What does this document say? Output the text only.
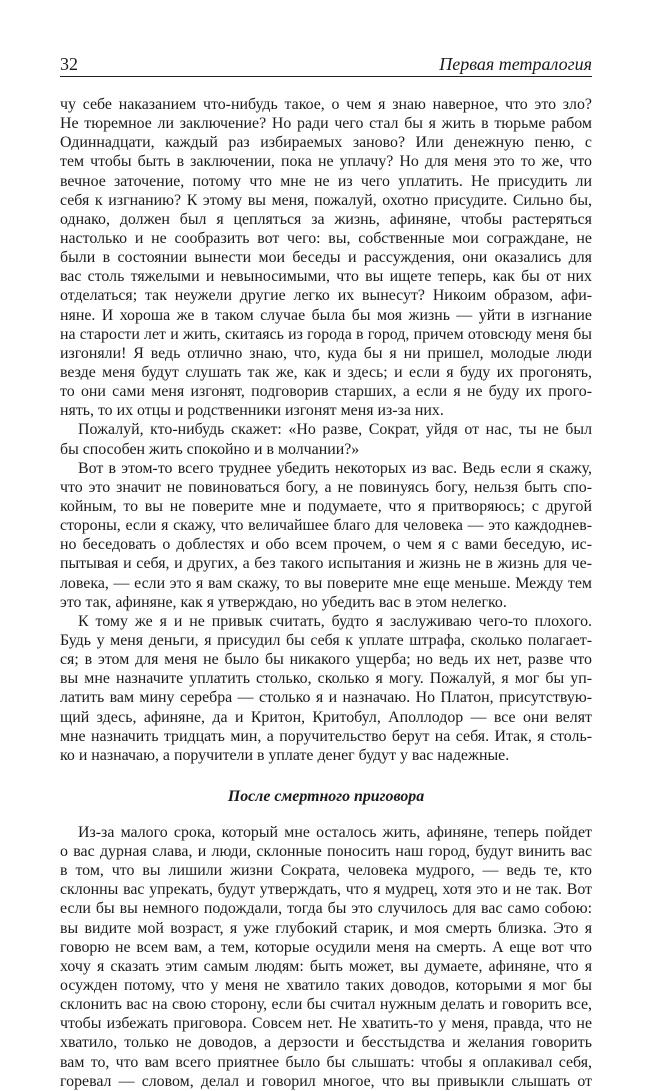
32	Первая тетралогия
чу себе наказанием что-нибудь такое, о чем я знаю наверное, что это зло?
Не тюремное ли заключение? Но ради чего стал бы я жить в тюрьме рабом
Одиннадцати, каждый раз избираемых заново? Или денежную пеню, с
тем чтобы быть в заключении, пока не уплачу? Но для меня это то же, что
вечное заточение, потому что мне не из чего уплатить. Не присудить ли
себя к изгнанию? К этому вы меня, пожалуй, охотно присудите. Сильно бы,
однако, должен был я цепляться за жизнь, афиняне, чтобы растеряться
настолько и не сообразить вот чего: вы, собственные мои сограждане, не
были в состоянии вынести мои беседы и рассуждения, они оказались для
вас столь тяжелыми и невыносимыми, что вы ищете теперь, как бы от них
отделаться; так неужели другие легко их вынесут? Никоим образом, афи-
няне. И хороша же в таком случае была бы моя жизнь — уйти в изгнание
на старости лет и жить, скитаясь из города в город, причем отовсюду меня бы
изгоняли! Я ведь отлично знаю, что, куда бы я ни пришел, молодые люди
везде меня будут слушать так же, как и здесь; и если я буду их прогонять,
то они сами меня изгонят, подговорив старших, а если я не буду их прого-
нять, то их отцы и родственники изгонят меня из-за них.
Пожалуй, кто-нибудь скажет: «Но разве, Сократ, уйдя от нас, ты не был
бы способен жить спокойно и в молчании?»
Вот в этом-то всего труднее убедить некоторых из вас. Ведь если я скажу,
что это значит не повиноваться богу, а не повинуясь богу, нельзя быть спо-
койным, то вы не поверите мне и подумаете, что я притворяюсь; с другой
стороны, если я скажу, что величайшее благо для человека — это каждоднев-
но беседовать о доблестях и обо всем прочем, о чем я с вами беседую, ис-
пытывая и себя, и других, а без такого испытания и жизнь не в жизнь для че-
ловека, — если это я вам скажу, то вы поверите мне еще меньше. Между тем
это так, афиняне, как я утверждаю, но убедить вас в этом нелегко.
К тому же я и не привык считать, будто я заслуживаю чего-то плохого.
Будь у меня деньги, я присудил бы себя к уплате штрафа, сколько полагает-
ся; в этом для меня не было бы никакого ущерба; но ведь их нет, разве что
вы мне назначите уплатить столько, сколько я могу. Пожалуй, я мог бы уп-
латить вам мину серебра — столько я и назначаю. Но Платон, присутствую-
щий здесь, афиняне, да и Критон, Критобул, Аполлодор — все они велят
мне назначить тридцать мин, а поручительство берут на себя. Итак, я столь-
ко и назначаю, а поручители в уплате денег будут у вас надежные.
После смертного приговора
Из-за малого срока, который мне осталось жить, афиняне, теперь пойдет
о вас дурная слава, и люди, склонные поносить наш город, будут винить вас
в том, что вы лишили жизни Сократа, человека мудрого, — ведь те, кто
склонны вас упрекать, будут утверждать, что я мудрец, хотя это и не так. Вот
если бы вы немного подождали, тогда бы это случилось для вас само собою:
вы видите мой возраст, я уже глубокий старик, и моя смерть близка. Это я
говорю не всем вам, а тем, которые осудили меня на смерть. А еще вот что
хочу я сказать этим самым людям: быть может, вы думаете, афиняне, что я
осужден потому, что у меня не хватило таких доводов, которыми я мог бы
склонить вас на свою сторону, если бы считал нужным делать и говорить все,
чтобы избежать приговора. Совсем нет. Не хватить-то у меня, правда, что не
хватило, только не доводов, а дерзости и бесстыдства и желания говорить
вам то, что вам всего приятнее было бы слышать: чтобы я оплакивал себя,
горевал — словом, делал и говорил многое, что вы привыкли слышать от
